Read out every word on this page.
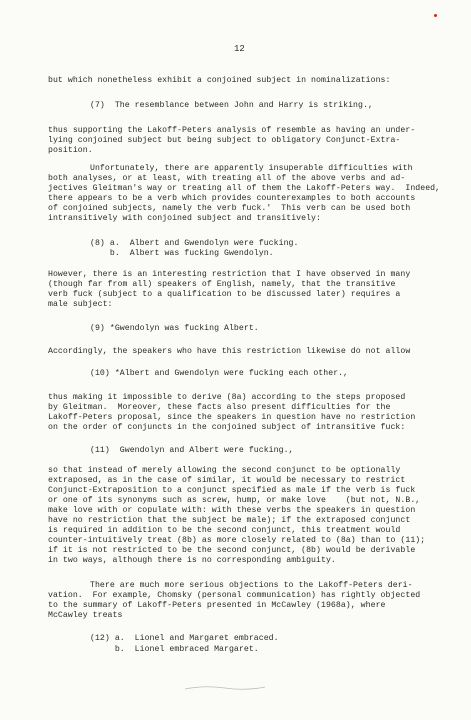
12
but which nonetheless exhibit a conjoined subject in nominalizations:
(7)  The resemblance between John and Harry is striking.,
thus supporting the Lakoff-Peters analysis of resemble as having an under-
lying conjoined subject but being subject to obligatory Conjunct-Extra-
position.
Unfortunately, there are apparently insuperable difficulties with
both analyses, or at least, with treating all of the above verbs and ad-
jectives Gleitman's way or treating all of them the Lakoff-Peters way.  Indeed,
there appears to be a verb which provides counterexamples to both accounts
of conjoined subjects, namely the verb fuck.'  This verb can be used both
intransitively with conjoined subject and transitively:
(8) a.  Albert and Gwendolyn were fucking.
b.  Albert was fucking Gwendolyn.
However, there is an interesting restriction that I have observed in many
(though far from all) speakers of English, namely, that the transitive
verb fuck (subject to a qualification to be discussed later) requires a
male subject:
(9) *Gwendolyn was fucking Albert.
Accordingly, the speakers who have this restriction likewise do not allow
(10) *Albert and Gwendolyn were fucking each other.,
thus making it impossible to derive (8a) according to the steps proposed
by Gleitman.  Moreover, these facts also present difficulties for the
Lakoff-Peters proposal, since the speakers in question have no restriction
on the order of conjuncts in the conjoined subject of intransitive fuck:
(11)  Gwendolyn and Albert were fucking.,
so that instead of merely allowing the second conjunct to be optionally
extraposed, as in the case of similar, it would be necessary to restrict
Conjunct-Extraposition to a conjunct specified as male if the verb is fuck
or one of its synonyms such as screw, hump, or make love    (but not, N.B.,
make love with or copulate with: with these verbs the speakers in question
have no restriction that the subject be male); if the extraposed conjunct
is required in addition to be the second conjunct, this treatment would
counter-intuitively treat (8b) as more closely related to (8a) than to (11);
if it is not restricted to be the second conjunct, (8b) would be derivable
in two ways, although there is no corresponding ambiguity.
There are much more serious objections to the Lakoff-Peters deri-
vation.  For example, Chomsky (personal communication) has rightly objected
to the summary of Lakoff-Peters presented in McCawley (1968a), where
McCawley treats
(12) a.  Lionel and Margaret embraced.
b.  Lionel embraced Margaret.
